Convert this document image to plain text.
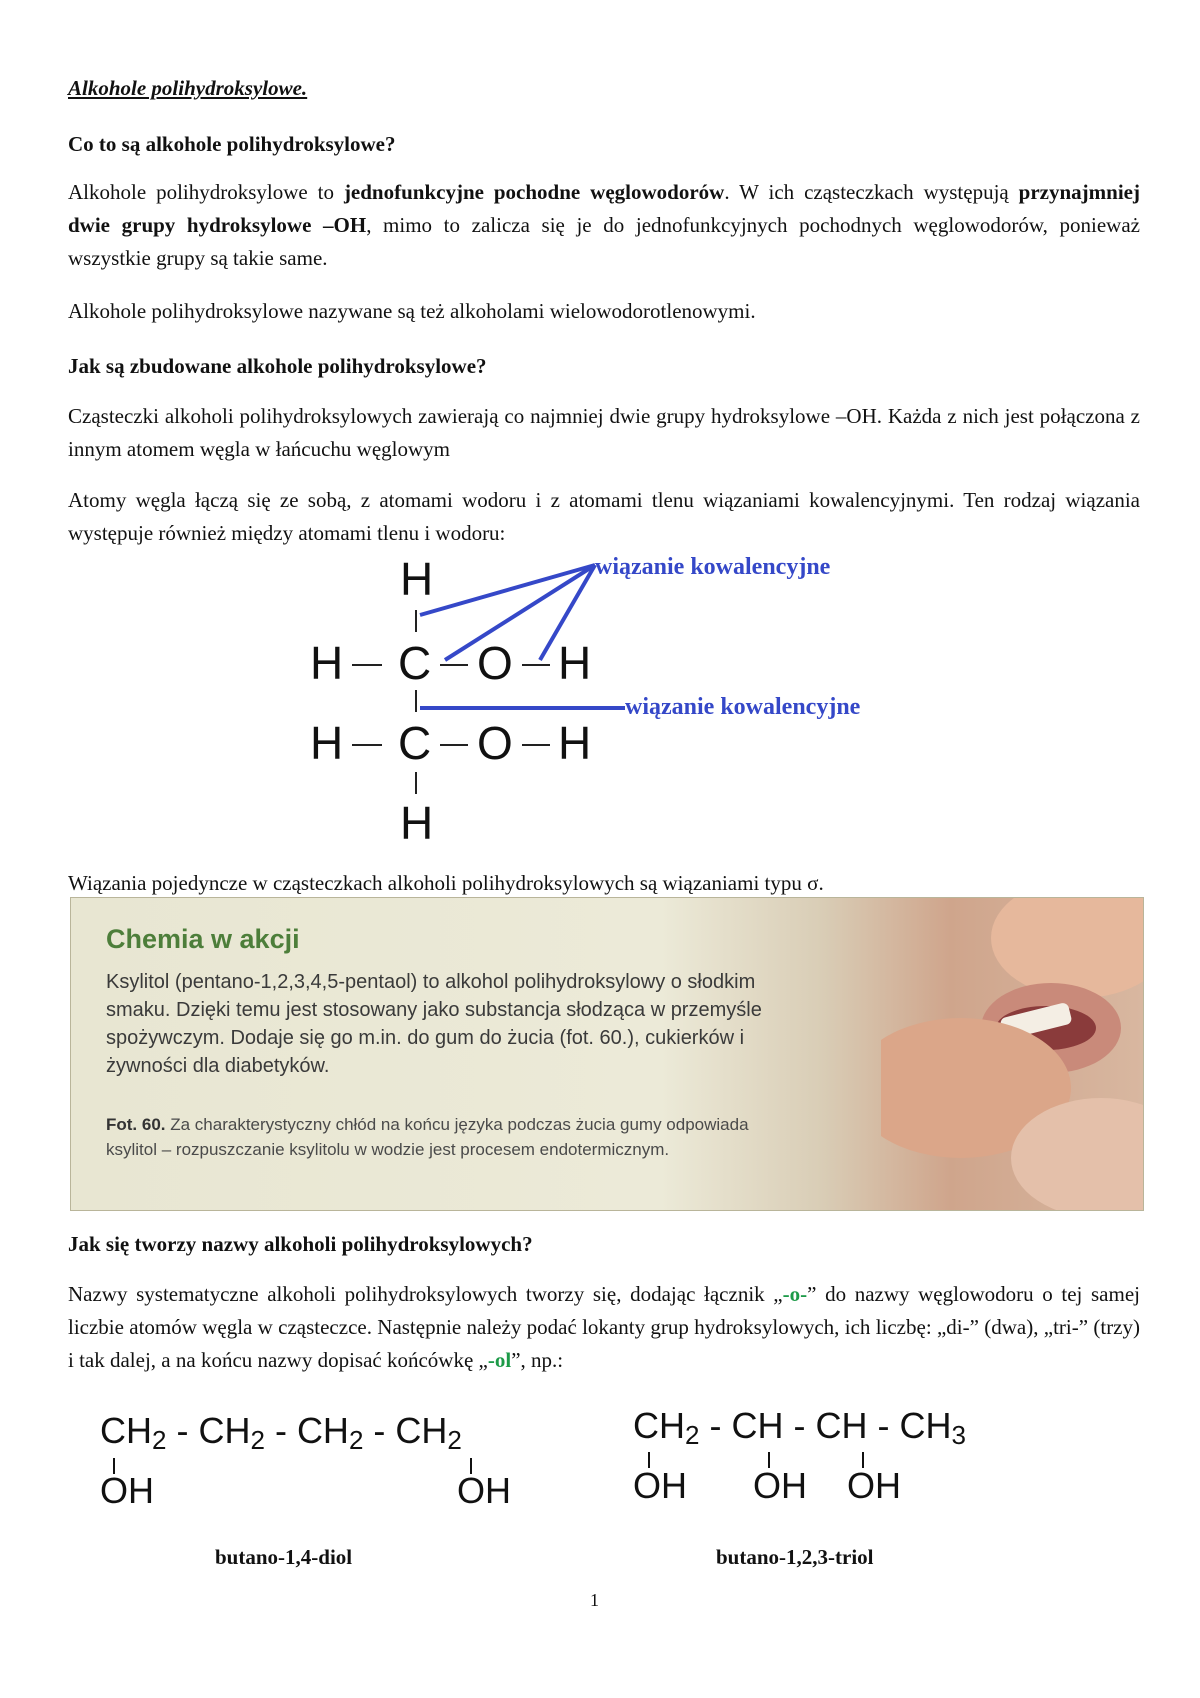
Alkohole polihydroksylowe.

Co to są alkohole polihydroksylowe?

Alkohole polihydroksylowe to jednofunkcyjne pochodne węglowodorów. W ich cząsteczkach występują przynajmniej dwie grupy hydroksylowe –OH, mimo to zalicza się je do jednofunkcyjnych pochodnych węglowodorów, ponieważ wszystkie grupy są takie same.

Alkohole polihydroksylowe nazywane są też alkoholami wielowodorotlenowymi.

Jak są zbudowane alkohole polihydroksylowe?

Cząsteczki alkoholi polihydroksylowych zawierają co najmniej dwie grupy hydroksylowe –OH. Każda z nich jest połączona z innym atomem węgla w łańcuchu węglowym

Atomy węgla łączą się ze sobą, z atomami wodoru i z atomami tlenu wiązaniami kowalencyjnymi. Ten rodzaj wiązania występuje również między atomami tlenu i wodoru:

H
H C O H
H C O H
H
wiązanie kowalencyjne
wiązanie kowalencyjne

Wiązania pojedyncze w cząsteczkach alkoholi polihydroksylowych są wiązaniami typu σ.

Chemia w akcji
Ksylitol (pentano-1,2,3,4,5-pentaol) to alkohol polihydroksylowy o słodkim smaku. Dzięki temu jest stosowany jako substancja słodząca w przemyśle spożywczym. Dodaje się go m.in. do gum do żucia (fot. 60.), cukierków i żywności dla diabetyków.
Fot. 60. Za charakterystyczny chłód na końcu języka podczas żucia gumy odpowiada ksylitol – rozpuszczanie ksylitolu w wodzie jest procesem endotermicznym.

Jak się tworzy nazwy alkoholi polihydroksylowych?

Nazwy systematyczne alkoholi polihydroksylowych tworzy się, dodając łącznik „-o-” do nazwy węglowodoru o tej samej liczbie atomów węgla w cząsteczce. Następnie należy podać lokanty grup hydroksylowych, ich liczbę: „di-” (dwa), „tri-” (trzy) i tak dalej, a na końcu nazwy dopisać końcówkę „-ol”, np.:

$CH_2 - CH_2 - CH_2 - CH_2$
OH	OH
$CH_2$ - CH - CH - $CH_3$
OH OH OH
butano-1,4-diol	butano-1,2,3-triol
1
